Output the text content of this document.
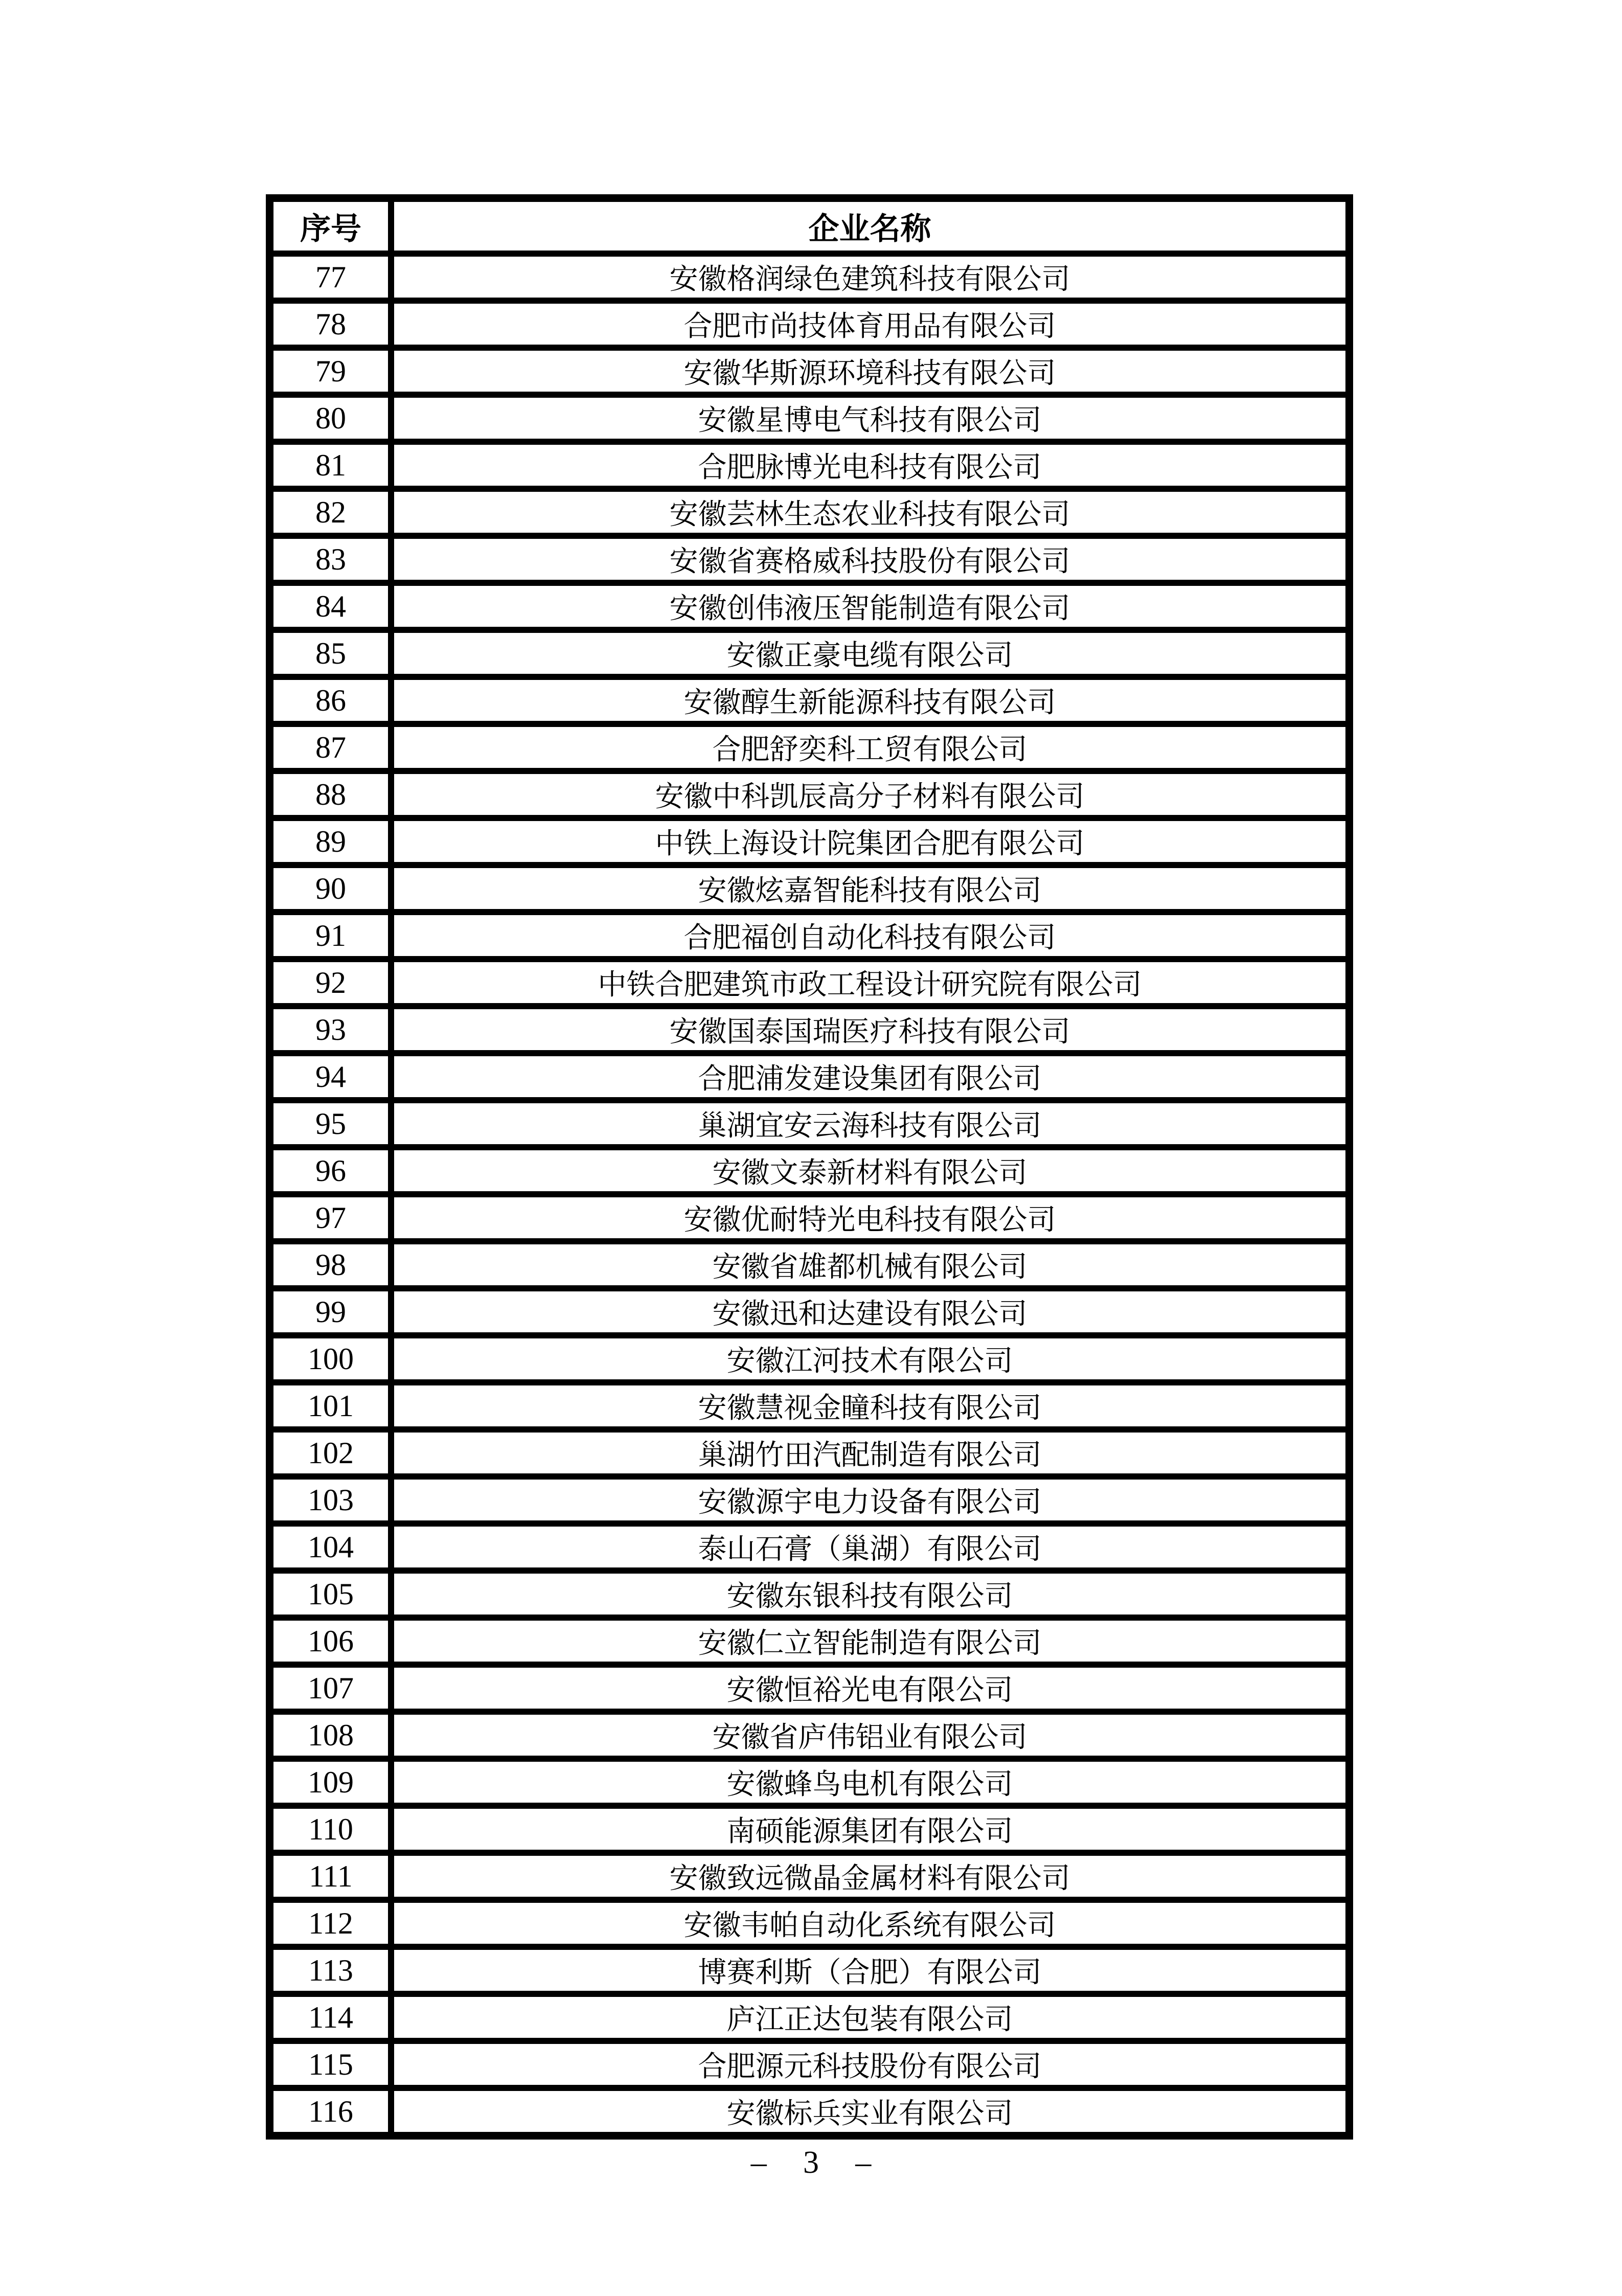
序号	企业名称
77	安徽格润绿色建筑科技有限公司
78	合肥市尚技体育用品有限公司
79	安徽华斯源环境科技有限公司
80	安徽星博电气科技有限公司
81	合肥脉博光电科技有限公司
82	安徽芸林生态农业科技有限公司
83	安徽省赛格威科技股份有限公司
84	安徽创伟液压智能制造有限公司
85	安徽正豪电缆有限公司
86	安徽醇生新能源科技有限公司
87	合肥舒奕科工贸有限公司
88	安徽中科凯辰高分子材料有限公司
89	中铁上海设计院集团合肥有限公司
90	安徽炫嘉智能科技有限公司
91	合肥福创自动化科技有限公司
92	中铁合肥建筑市政工程设计研究院有限公司
93	安徽国泰国瑞医疗科技有限公司
94	合肥浦发建设集团有限公司
95	巢湖宜安云海科技有限公司
96	安徽文泰新材料有限公司
97	安徽优耐特光电科技有限公司
98	安徽省雄都机械有限公司
99	安徽迅和达建设有限公司
100	安徽江河技术有限公司
101	安徽慧视金瞳科技有限公司
102	巢湖竹田汽配制造有限公司
103	安徽源宇电力设备有限公司
104	泰山石膏（巢湖）有限公司
105	安徽东银科技有限公司
106	安徽仁立智能制造有限公司
107	安徽恒裕光电有限公司
108	安徽省庐伟铝业有限公司
109	安徽蜂鸟电机有限公司
110	南硕能源集团有限公司
111	安徽致远微晶金属材料有限公司
112	安徽韦帕自动化系统有限公司
113	博赛利斯（合肥）有限公司
114	庐江正达包装有限公司
115	合肥源元科技股份有限公司
116	安徽标兵实业有限公司
– 3 –
